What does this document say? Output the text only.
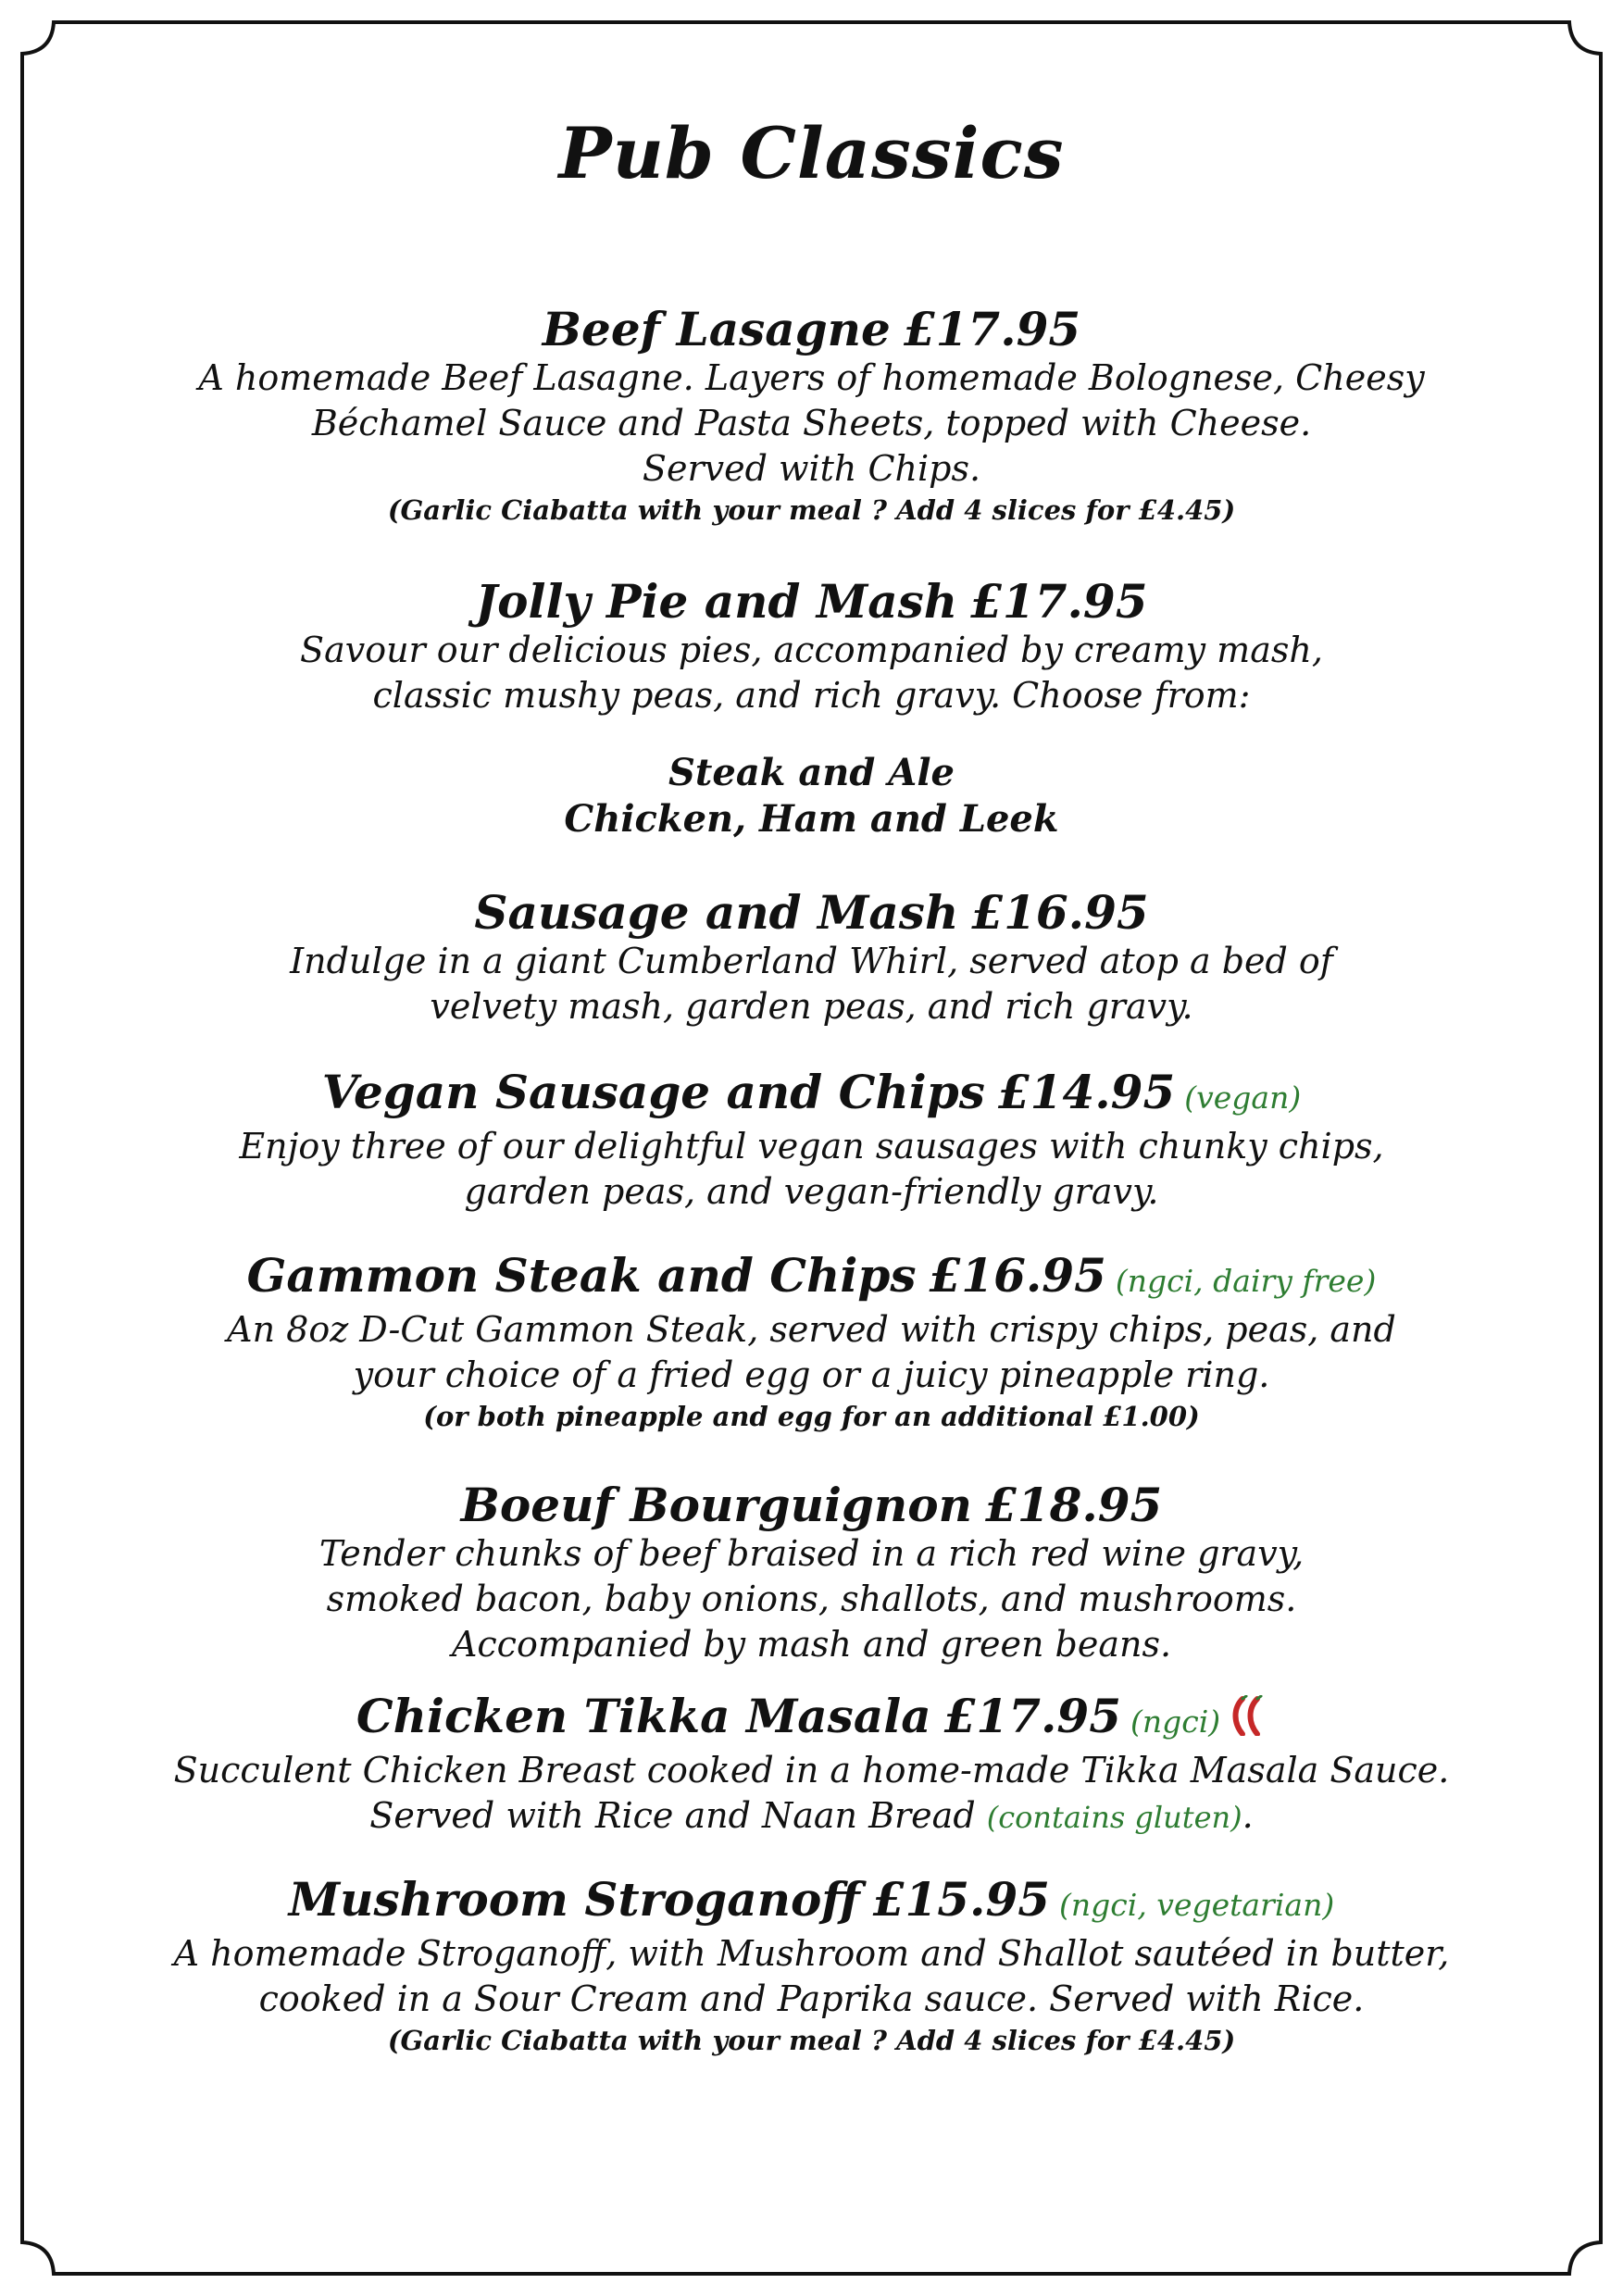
Pub Classics
Beef Lasagne £17.95

A homemade Beef Lasagne. Layers of homemade Bolognese, Cheesy

Béchamel Sauce and Pasta Sheets, topped with Cheese.

Served with Chips.

(Garlic Ciabatta with your meal ? Add 4 slices for £4.45)

Jolly Pie and Mash £17.95

Savour our delicious pies, accompanied by creamy mash,

classic mushy peas, and rich gravy. Choose from:

Steak and Ale
Chicken, Ham and Leek
Sausage and Mash £16.95

Indulge in a giant Cumberland Whirl, served atop a bed of

velvety mash, garden peas, and rich gravy.

Vegan Sausage and Chips £14.95 (vegan)

Enjoy three of our delightful vegan sausages with chunky chips,

garden peas, and vegan-friendly gravy.

Gammon Steak and Chips £16.95 (ngci, dairy free)

An 8oz D-Cut Gammon Steak, served with crispy chips, peas, and

your choice of a fried egg or a juicy pineapple ring.

(or both pineapple and egg for an additional £1.00)

Boeuf Bourguignon £18.95

Tender chunks of beef braised in a rich red wine gravy,

smoked bacon, baby onions, shallots, and mushrooms.

Accompanied by mash and green beans.

Chicken Tikka Masala £17.95 (ngci)

Succulent Chicken Breast cooked in a home-made Tikka Masala Sauce.

Served with Rice and Naan Bread (contains gluten).

Mushroom Stroganoff £15.95 (ngci, vegetarian)

A homemade Stroganoff, with Mushroom and Shallot sautéed in butter,

cooked in a Sour Cream and Paprika sauce. Served with Rice.

(Garlic Ciabatta with your meal ? Add 4 slices for £4.45)
